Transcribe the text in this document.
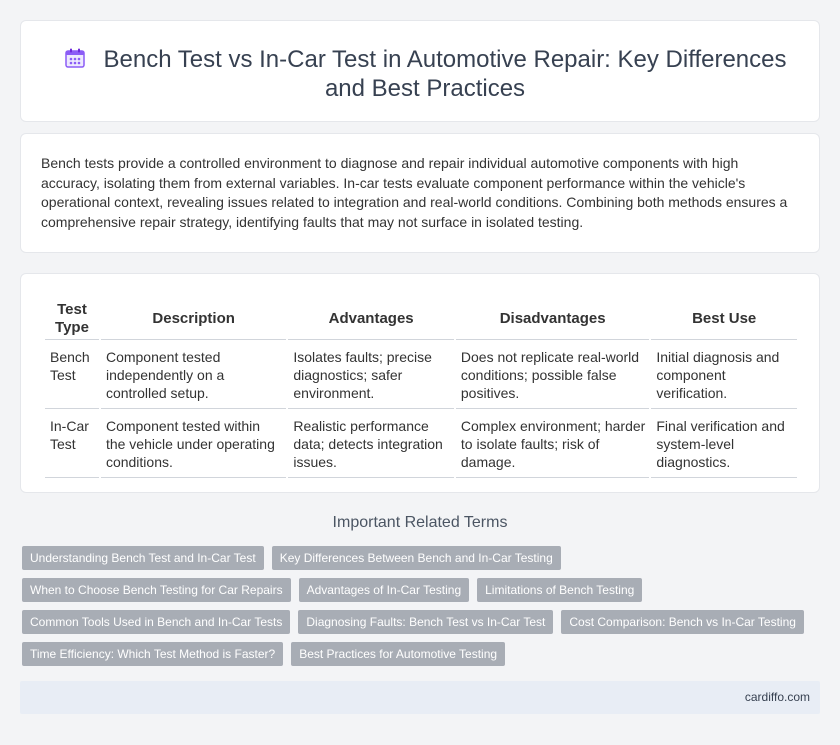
Bench Test vs In-Car Test in Automotive Repair: Key Differences and Best Practices

Bench tests provide a controlled environment to diagnose and repair individual automotive components with high accuracy, isolating them from external variables. In-car tests evaluate component performance within the vehicle's operational context, revealing issues related to integration and real-world conditions. Combining both methods ensures a comprehensive repair strategy, identifying faults that may not surface in isolated testing.

Test Type	Description	Advantages	Disadvantages	Best Use
Bench Test	Component tested independently on a controlled setup.	Isolates faults; precise diagnostics; safer environment.	Does not replicate real-world conditions; possible false positives.	Initial diagnosis and component verification.
In-Car Test	Component tested within the vehicle under operating conditions.	Realistic performance data; detects integration issues.	Complex environment; harder to isolate faults; risk of damage.	Final verification and system-level diagnostics.
Important Related Terms
Understanding Bench Test and In-Car Test	Key Differences Between Bench and In-Car Testing
When to Choose Bench Testing for Car Repairs	Advantages of In-Car Testing	Limitations of Bench Testing
Common Tools Used in Bench and In-Car Tests	Diagnosing Faults: Bench Test vs In-Car Test	Cost Comparison: Bench vs In-Car Testing
Time Efficiency: Which Test Method is Faster?	Best Practices for Automotive Testing
cardiffo.com
